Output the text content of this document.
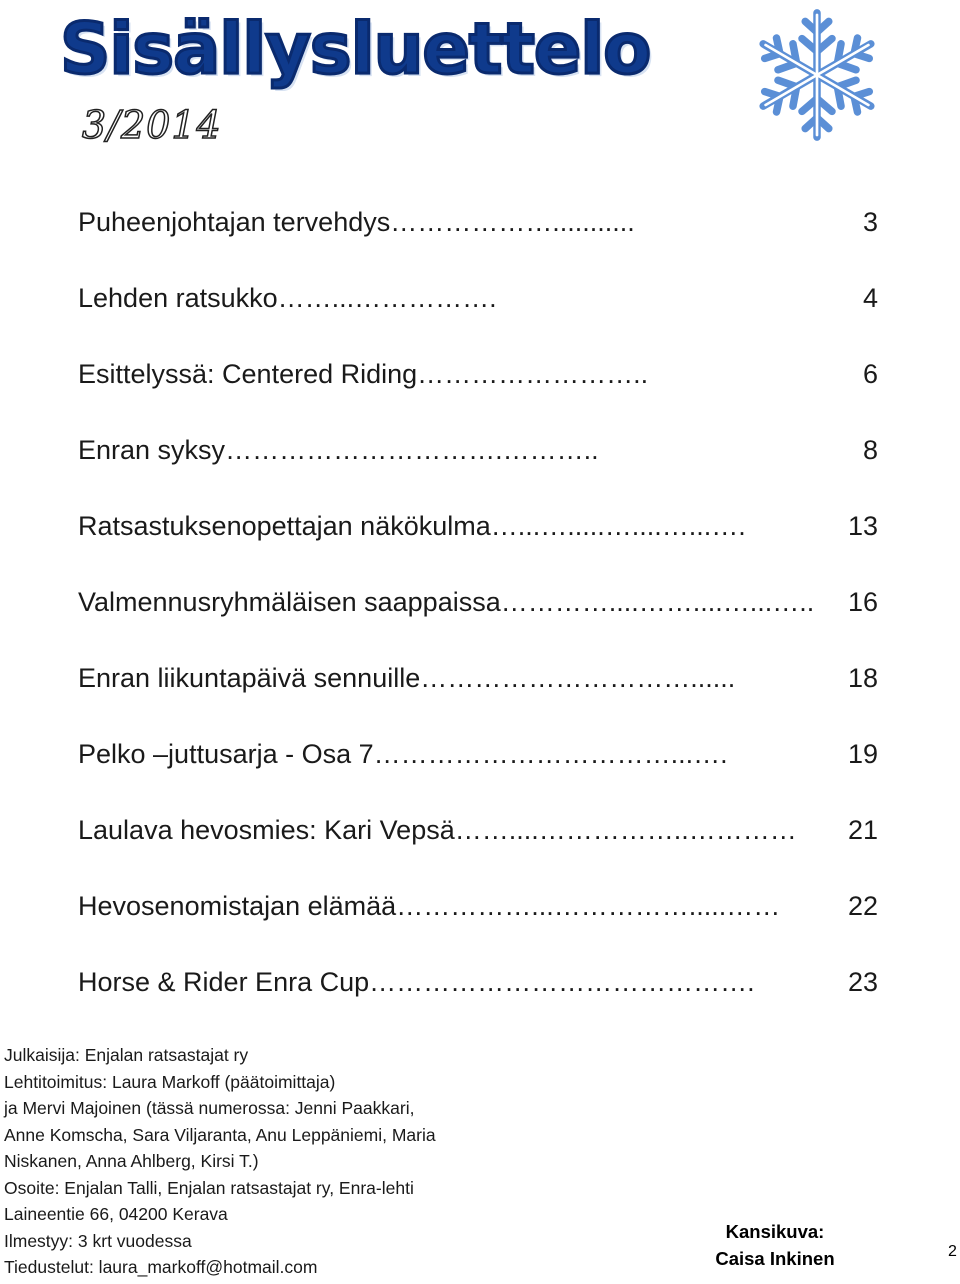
Sisällysluettelo
3/2014
Puheenjohtajan tervehdys………………...........	3
Lehden ratsukko……...…………….	4
Esittelyssä: Centered Riding……………………..	6
Enran syksy………………………….………..	8
Ratsastuksenopettajan näkökulma…...….....…....…...….	13
Valmennusryhmäläisen saappaissa…………....……....…...….. 16
Enran liikuntapäivä sennuille…………………………......	18
Pelko –juttusarja - Osa 7……………………………...….	19
Laulava hevosmies: Kari Vepsä……....……………..………… 21
Hevosenomistajan elämää……………...…………….....……	22
Horse & Rider Enra Cup…………………………………….	23
Julkaisija: Enjalan ratsastajat ry
Lehtitoimitus: Laura Markoff (päätoimittaja)
ja Mervi Majoinen (tässä numerossa: Jenni Paakkari,
Anne Komscha, Sara Viljaranta, Anu Leppäniemi, Maria
Niskanen, Anna Ahlberg, Kirsi T.)
Osoite: Enjalan Talli, Enjalan ratsastajat ry, Enra-lehti
Laineentie 66, 04200 Kerava
Ilmestyy: 3 krt vuodessa
Tiedustelut: laura_markoff@hotmail.com
Kansikuva:
Caisa Inkinen	2
